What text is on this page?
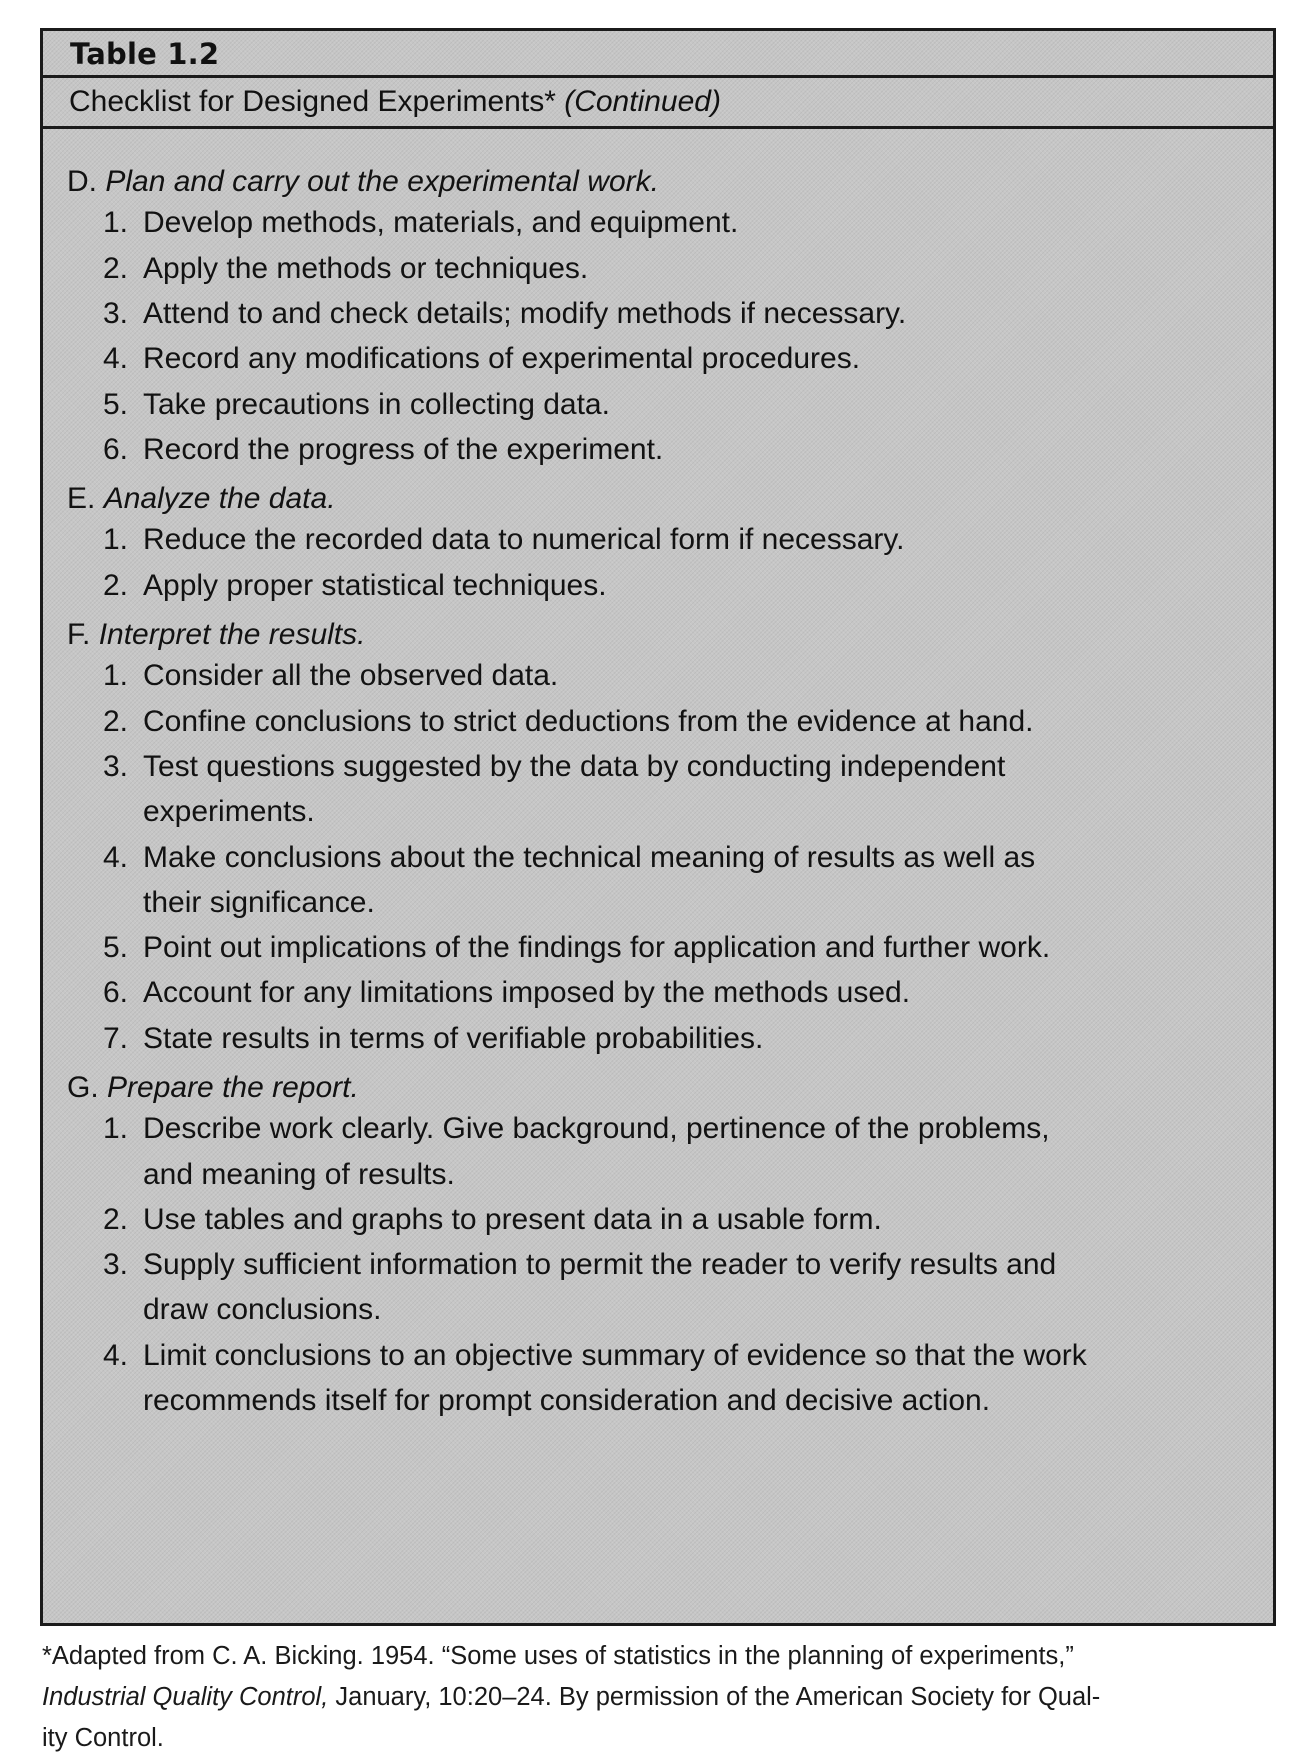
Table 1.2
Checklist for Designed Experiments* (Continued)
D. Plan and carry out the experimental work.
1. Develop methods, materials, and equipment.
2. Apply the methods or techniques.
3. Attend to and check details; modify methods if necessary.
4. Record any modifications of experimental procedures.
5. Take precautions in collecting data.
6. Record the progress of the experiment.
E. Analyze the data.
1. Reduce the recorded data to numerical form if necessary.
2. Apply proper statistical techniques.
F. Interpret the results.
1. Consider all the observed data.
2. Confine conclusions to strict deductions from the evidence at hand.
3. Test questions suggested by the data by conducting independent
experiments.
4. Make conclusions about the technical meaning of results as well as
their significance.
5. Point out implications of the findings for application and further work.
6. Account for any limitations imposed by the methods used.
7. State results in terms of verifiable probabilities.
G. Prepare the report.
1. Describe work clearly. Give background, pertinence of the problems,
and meaning of results.
2. Use tables and graphs to present data in a usable form.
3. Supply sufficient information to permit the reader to verify results and
draw conclusions.
4. Limit conclusions to an objective summary of evidence so that the work
recommends itself for prompt consideration and decisive action.
*Adapted from C. A. Bicking. 1954. “Some uses of statistics in the planning of experiments,”
Industrial Quality Control, January, 10:20–24. By permission of the American Society for Qual-
ity Control.
